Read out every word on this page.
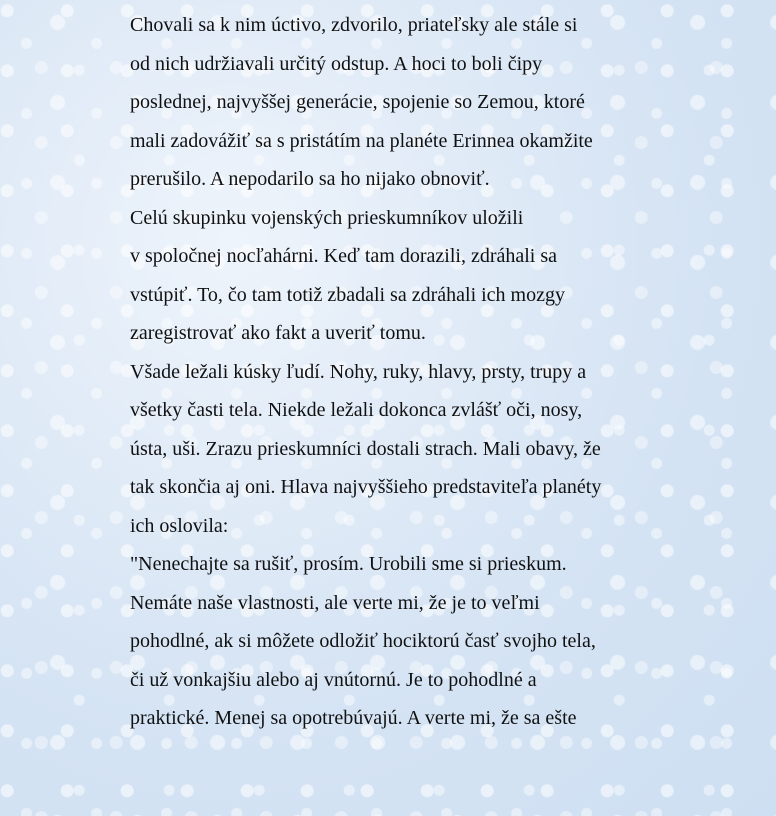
Chovali sa k nim úctivo, zdvorilo, priateľsky ale stále si
od nich udržiavali určitý odstup. A hoci to boli čipy
poslednej, najvyššej generácie, spojenie so Zemou, ktoré
mali zadovážiť sa s pristátím na planéte Erinnea okamžite
prerušilo. A nepodarilo sa ho nijako obnoviť.
Celú skupinku vojenských prieskumníkov uložili
v spoločnej nocľahárni. Keď tam dorazili, zdráhali sa
vstúpiť. To, čo tam totiž zbadali sa zdráhali ich mozgy
zaregistrovať ako fakt a uveriť tomu.
Všade ležali kúsky ľudí. Nohy, ruky, hlavy, prsty, trupy a
všetky časti tela. Niekde ležali dokonca zvlášť oči, nosy,
ústa, uši. Zrazu prieskumníci dostali strach. Mali obavy, že
tak skončia aj oni. Hlava najvyššieho predstaviteľa planéty
ich oslovila:
"Nenechajte sa rušiť, prosím. Urobili sme si prieskum.
Nemáte naše vlastnosti, ale verte mi, že je to veľmi
pohodlné, ak si môžete odložiť hociktorú časť svojho tela,
či už vonkajšiu alebo aj vnútornú. Je to pohodlné a
praktické. Menej sa opotrebúvajú. A verte mi, že sa ešte
